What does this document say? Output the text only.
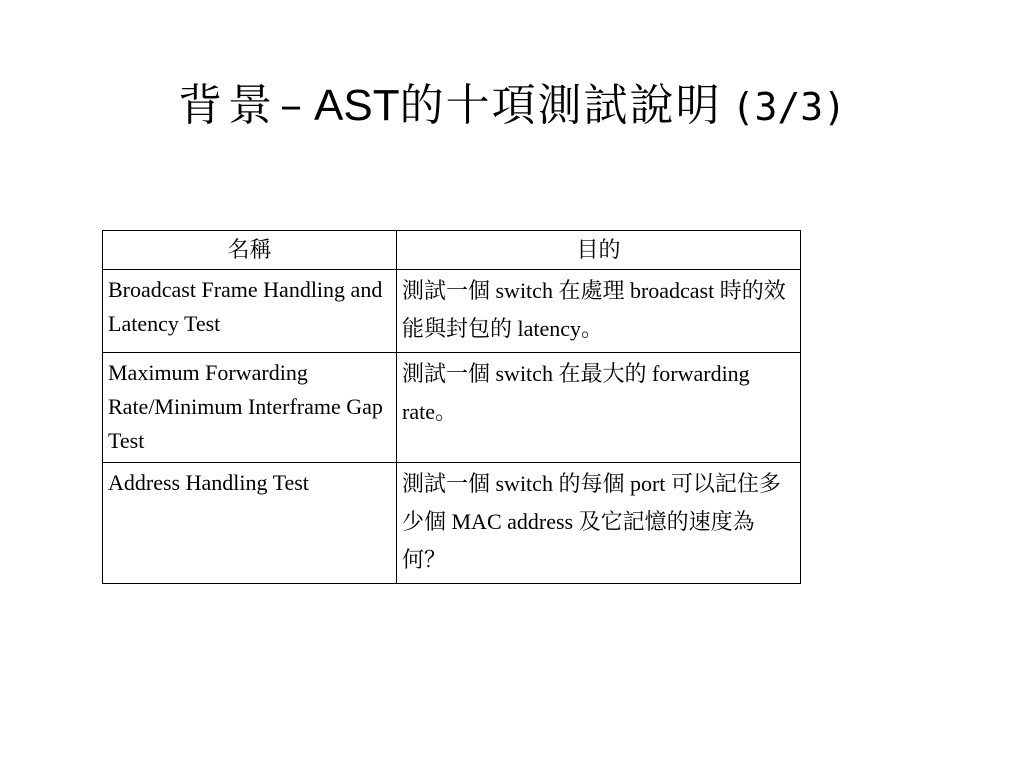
背景– AST的十項測試說明 (3/3)
名稱	目的
Broadcast Frame Handling and Latency Test	測試一個 switch 在處理 broadcast 時的效能與封包的 latency。
Maximum Forwarding Rate/Minimum Interframe Gap Test	測試一個 switch 在最大的 forwarding rate。
Address Handling Test	測試一個 switch 的每個 port 可以記住多少個 MAC address 及它記憶的速度為何？
